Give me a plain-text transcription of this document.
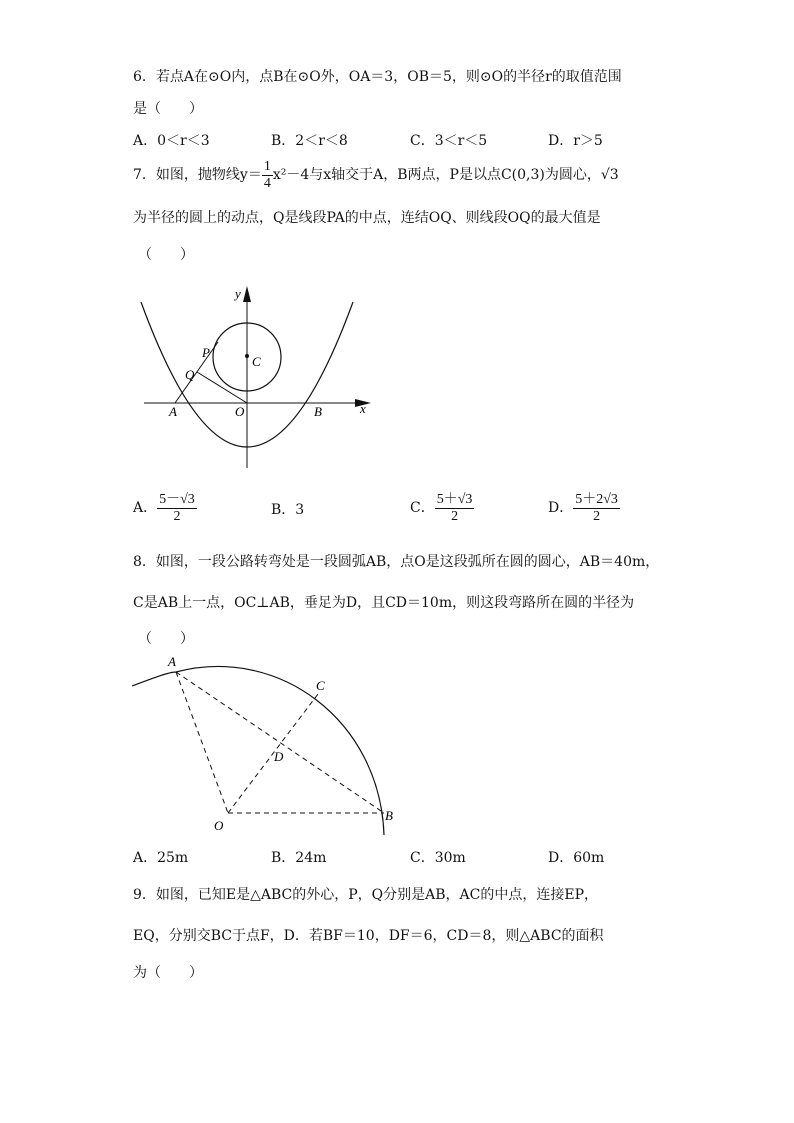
6．若点A在⊙O内，点B在⊙O外，OA＝3，OB＝5，则⊙O的半径r的取值范围
是（　　）
A．0＜r＜3	B．2＜r＜8	C．3＜r＜5	D．r＞5
7．如图，抛物线$y= \frac{1}{4} x^2-4$与x轴交于A，B两点，P是以点C(0,3)为圆心，√3
为半径的圆上的动点，Q是线段PA的中点，连结OQ、则线段OQ的最大值是
（　　）
y
x
P
C
Q
A	O	B
A． $\frac{5-√3}{2}$	B．3	C． $\frac{5+√3}{2}$	D． $\frac{5+2√3}{2}$
8．如图，一段公路转弯处是一段圆弧AB，点O是这段弧所在圆的圆心，AB＝40m，
C是AB上一点，OC⊥AB，垂足为D，且CD＝10m，则这段弯路所在圆的半径为
（　　）
A
C
D
O
B
A．25m	B．24m	C．30m	D．60m
9．如图，已知E是△ABC的外心，P，Q分别是AB，AC的中点，连接EP，
EQ，分别交BC于点F，D．若BF＝10，DF＝6，CD＝8，则△ABC的面积
为（　　）
